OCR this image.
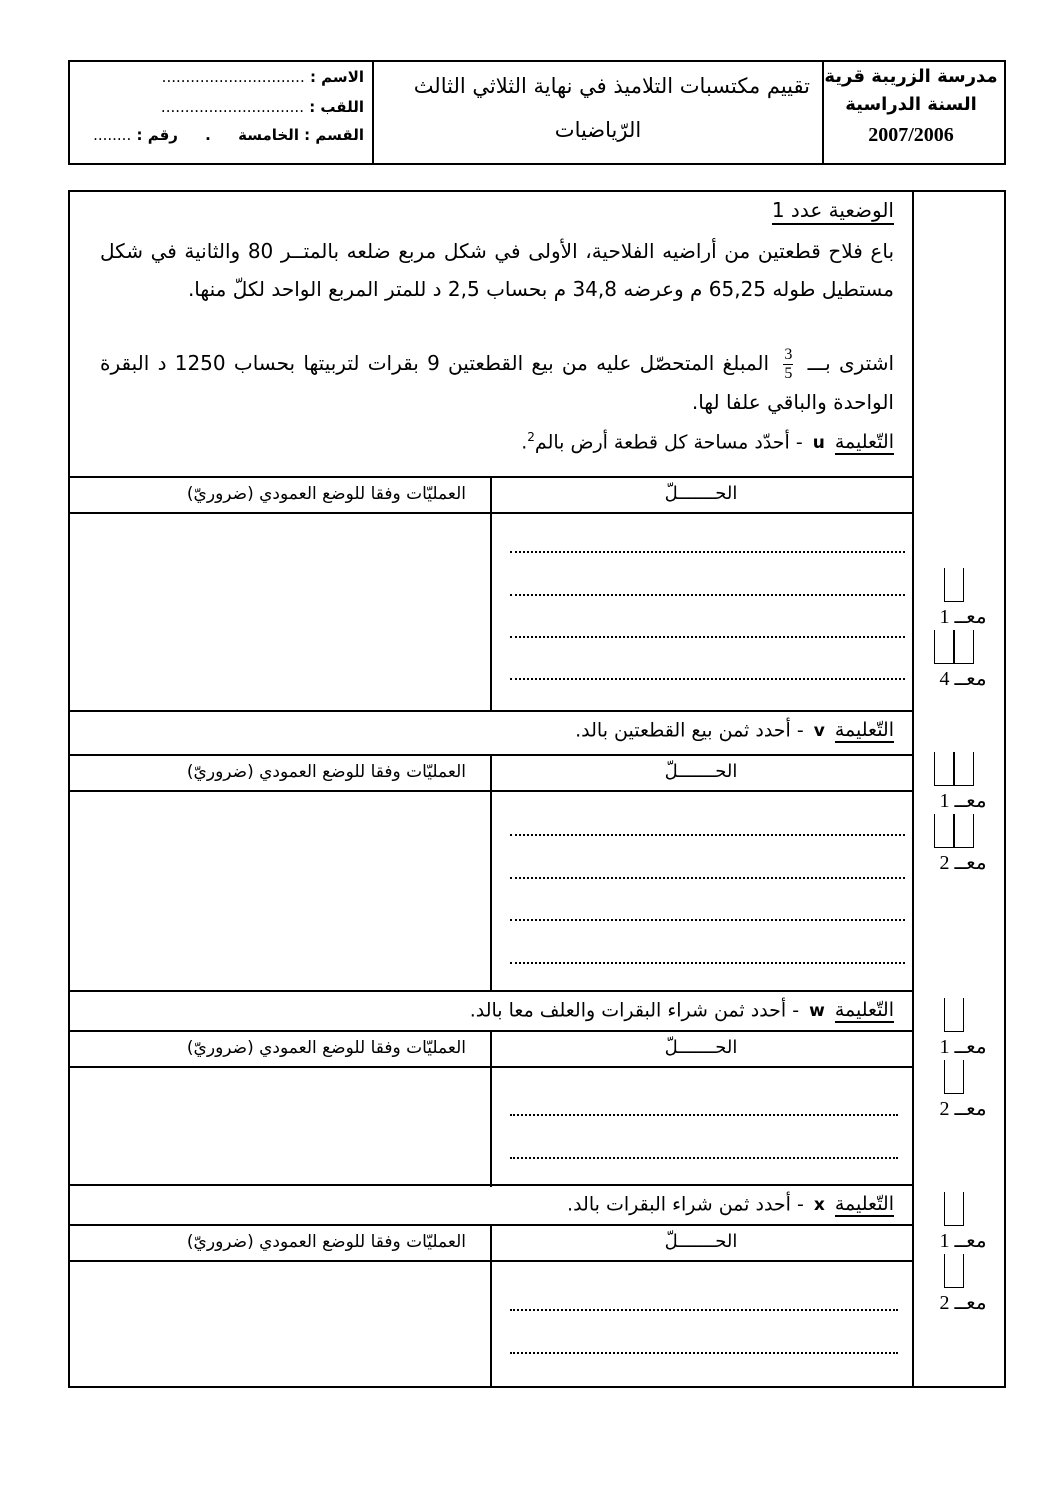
الاسم : ..............................
اللقب : ..............................
القسم : الخامسة . رقم : ........
تقييم مكتسبات التلاميذ في نهاية الثلاثي الثالث
الرّياضيات
مدرسة الزريبة قرية
السنة الدراسية
2007/2006
الوضعية عدد 1
باع فلاح قطعتين من أراضيه الفلاحية، الأولى في شكل مربع ضلعه بالمتــر 80 والثانية في شكل مستطيل طوله 65,25 م وعرضه 34,8 م بحساب 2,5 د للمتر المربع الواحد لكلّ منها.
اشترى بـــ
$\frac{3}{5}$
المبلغ المتحصّل عليه من بيع القطعتين 9 بقرات لتربيتها بحساب 1250 د البقرة الواحدة والباقي علفا لها.
التّعليمةu- أحدّد مساحة كل قطعة أرض بالم$^2$.
العمليّات وفقا للوضع العمودي (ضروريّ)	الحـــــــلّ
معــ 1
معــ 4
التّعليمةv- أحدد ثمن بيع القطعتين بالد.
العمليّات وفقا للوضع العمودي (ضروريّ)	الحـــــــلّ
معــ 1
معــ 2
التّعليمةw- أحدد ثمن شراء البقرات والعلف معا بالد.
العمليّات وفقا للوضع العمودي (ضروريّ)	الحـــــــلّ	معــ 1
معــ 2
التّعليمةx- أحدد ثمن شراء البقرات بالد.
العمليّات وفقا للوضع العمودي (ضروريّ)	الحـــــــلّ	معــ 1
معــ 2
